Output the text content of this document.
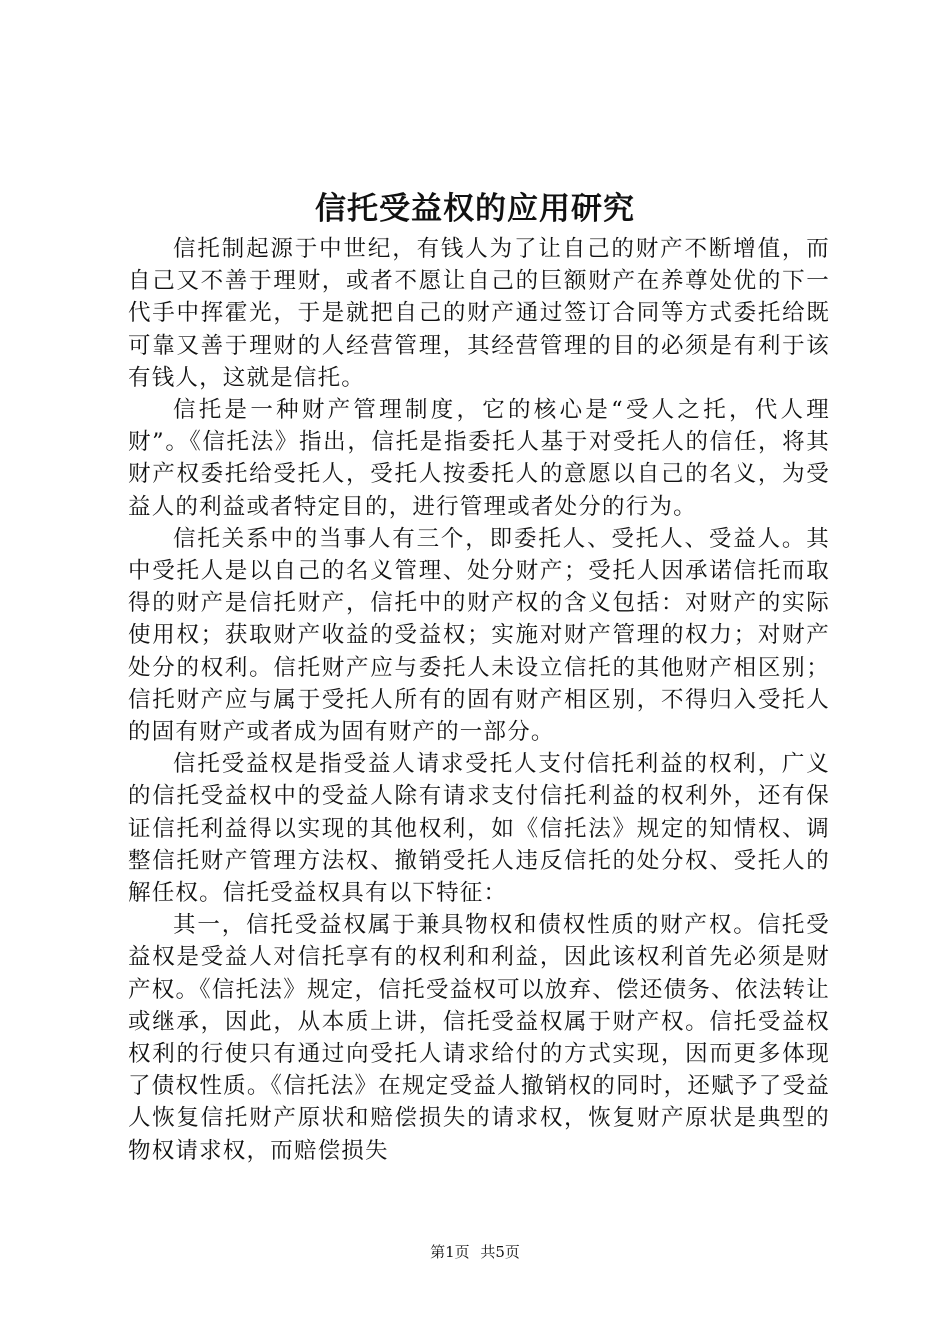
信托受益权的应用研究

信托制起源于中世纪，有钱人为了让自己的财产不断增值，而自己又不善于理财，或者不愿让自己的巨额财产在养尊处优的下一代手中挥霍光，于是就把自己的财产通过签订合同等方式委托给既可靠又善于理财的人经营管理，其经营管理的目的必须是有利于该有钱人，这就是信托。

信托是一种财产管理制度，它的核心是“受人之托，代人理财”。《信托法》指出，信托是指委托人基于对受托人的信任，将其财产权委托给受托人，受托人按委托人的意愿以自己的名义，为受益人的利益或者特定目的，进行管理或者处分的行为。

信托关系中的当事人有三个，即委托人、受托人、受益人。其中受托人是以自己的名义管理、处分财产；受托人因承诺信托而取得的财产是信托财产，信托中的财产权的含义包括：对财产的实际使用权；获取财产收益的受益权；实施对财产管理的权力；对财产处分的权利。信托财产应与委托人未设立信托的其他财产相区别；信托财产应与属于受托人所有的固有财产相区别，不得归入受托人的固有财产或者成为固有财产的一部分。

信托受益权是指受益人请求受托人支付信托利益的权利，广义的信托受益权中的受益人除有请求支付信托利益的权利外，还有保证信托利益得以实现的其他权利，如《信托法》规定的知情权、调整信托财产管理方法权、撤销受托人违反信托的处分权、受托人的解任权。信托受益权具有以下特征：

其一，信托受益权属于兼具物权和债权性质的财产权。信托受益权是受益人对信托享有的权利和利益，因此该权利首先必须是财产权。《信托法》规定，信托受益权可以放弃、偿还债务、依法转让或继承，因此，从本质上讲，信托受益权属于财产权。信托受益权权利的行使只有通过向受托人请求给付的方式实现，因而更多体现了债权性质。《信托法》在规定受益人撤销权的同时，还赋予了受益人恢复信托财产原状和赔偿损失的请求权，恢复财产原状是典型的物权请求权，而赔偿损失

第1页 共5页
